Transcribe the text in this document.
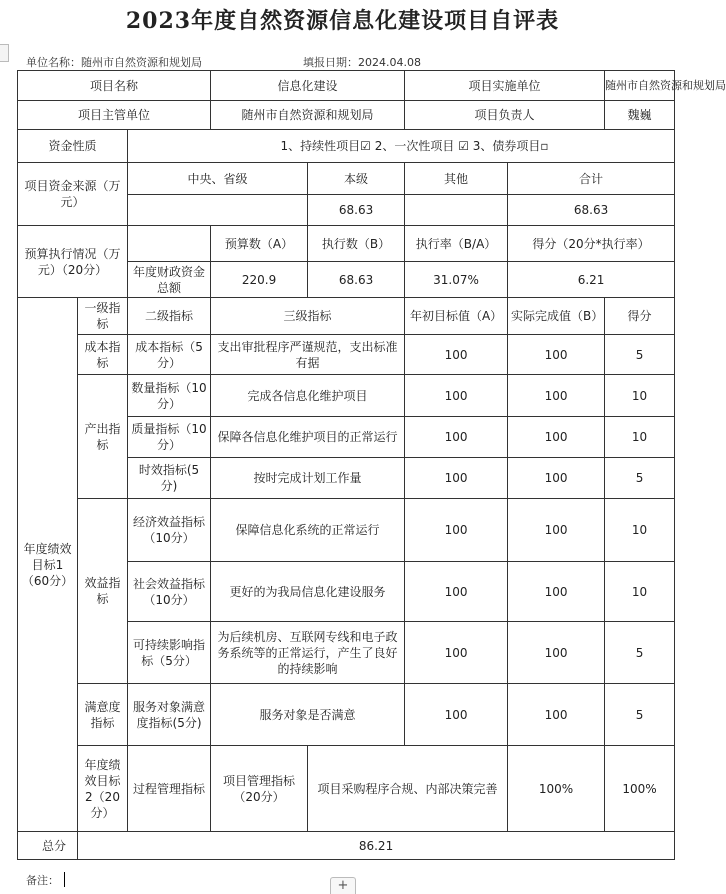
2023年度自然资源信息化建设项目自评表
单位名称：随州市自然资源和规划局	填报日期：2024.04.08
项目名称			信息化建设		项目实施单位		随州市自然资源和规划局	
项目主管单位			随州市自然资源和规划局		项目负责人		魏巍	
资金性质		1、持续性项目☑ 2、一次性项目 ☑ 3、债券项目▫						
项目资金来源（万元）		中央、省级		本级	其他	合计		
				68.63		68.63		
预算执行情况（万元）（20分）			预算数（A）	执行数（B）	执行率（B/A）	得分（20分*执行率）		
		年度财政资金总额	220.9	68.63	31.07%	6.21		
年度绩效目标1（60分）	一级指标	二级指标	三级指标		年初目标值（A）	实际完成值（B）	得分	
	成本指标	成本指标（5分）	支出审批程序严谨规范，支出标准有据		100	100	5	
	产出指标	数量指标（10分）	完成各信息化维护项目		100	100	10	
		质量指标（10分）	保障各信息化维护项目的正常运行		100	100	10	
		时效指标(5分)	按时完成计划工作量		100	100	5	
	效益指标	经济效益指标（10分）	保障信息化系统的正常运行		100	100	10	
		社会效益指标（10分）	更好的为我局信息化建设服务		100	100	10	
		可持续影响指标（5分）	为后续机房、互联网专线和电子政务系统等的正常运行，产生了良好的持续影响		100	100	5	
	满意度指标	服务对象满意度指标(5分)	服务对象是否满意		100	100	5	
	年度绩效目标2（20分）	过程管理指标	项目管理指标（20分）	项目采购程序合规、内部决策完善		100%	100%	
总分	86.21							
备注：	+
